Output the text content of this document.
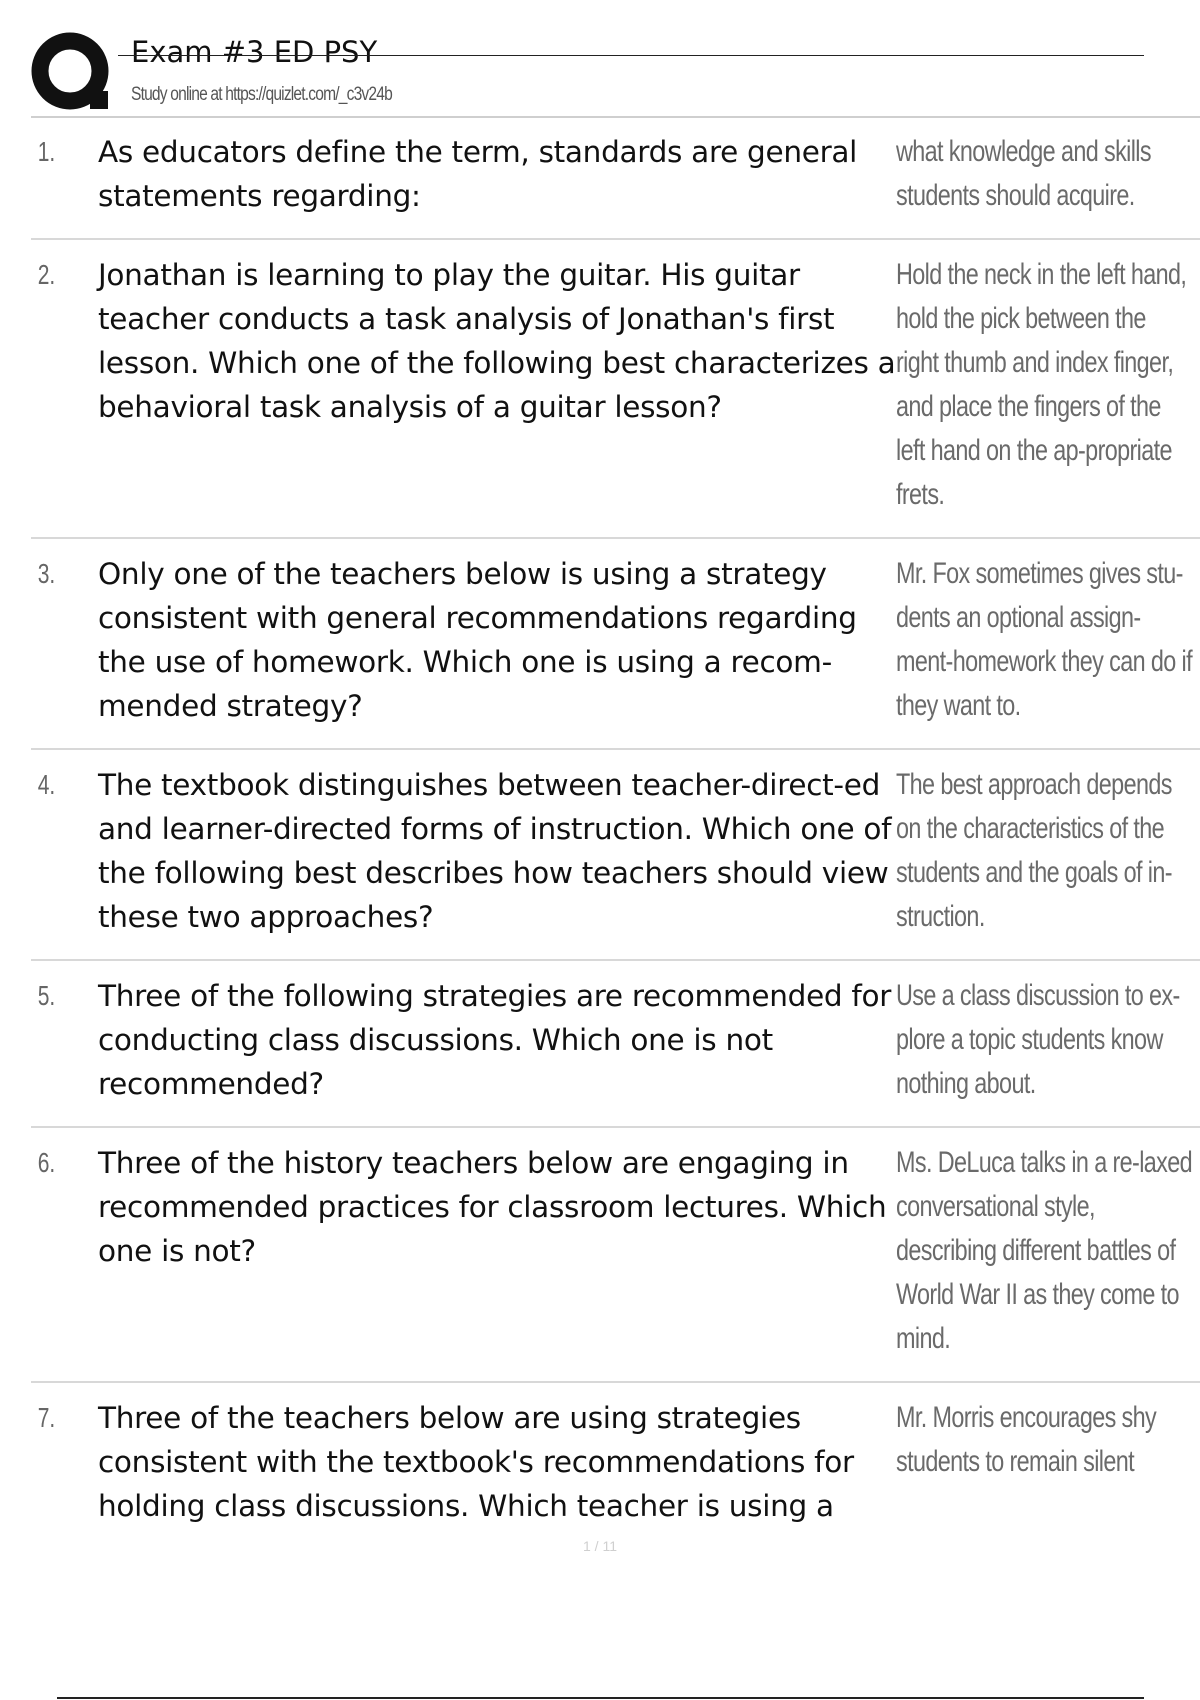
Exam #3 ED PSY
Study online at https://quizlet.com/_c3v24b
1.	As educators define the term, standards are general statements regarding:

what knowledge and skills students should acquire.

2.	Jonathan is learning to play the guitar. His guitar teacher conducts a task analysis of Jonathan's first lesson. Which one of the following best characterizes a behavioral task analysis of a guitar lesson?

Hold the neck in the left hand, hold the pick between the right thumb and index finger, and place the fingers of the left hand on the ap-propriate frets.

3.	Only one of the teachers below is using a strategy consistent with general recommendations regarding the use of homework. Which one is using a recom-mended strategy?

Mr. Fox sometimes gives stu-dents an optional assign-ment-homework they can do if they want to.

4.	The textbook distinguishes between teacher-direct-ed and learner-directed forms of instruction. Which one of the following best describes how teachers should view these two approaches?

The best approach depends on the characteristics of the students and the goals of in-struction.

5.	Three of the following strategies are recommended for conducting class discussions. Which one is not recommended?

Use a class discussion to ex-plore a topic students know nothing about.

6.	Three of the history teachers below are engaging in recommended practices for classroom lectures. Which one is not?

Ms. DeLuca talks in a re-laxed conversational style, describing different battles of World War II as they come to mind.

7.	Three of the teachers below are using strategies consistent with the textbook's recommendations for holding class discussions. Which teacher is using a

Mr. Morris encourages shy students to remain silent

1 / 11
